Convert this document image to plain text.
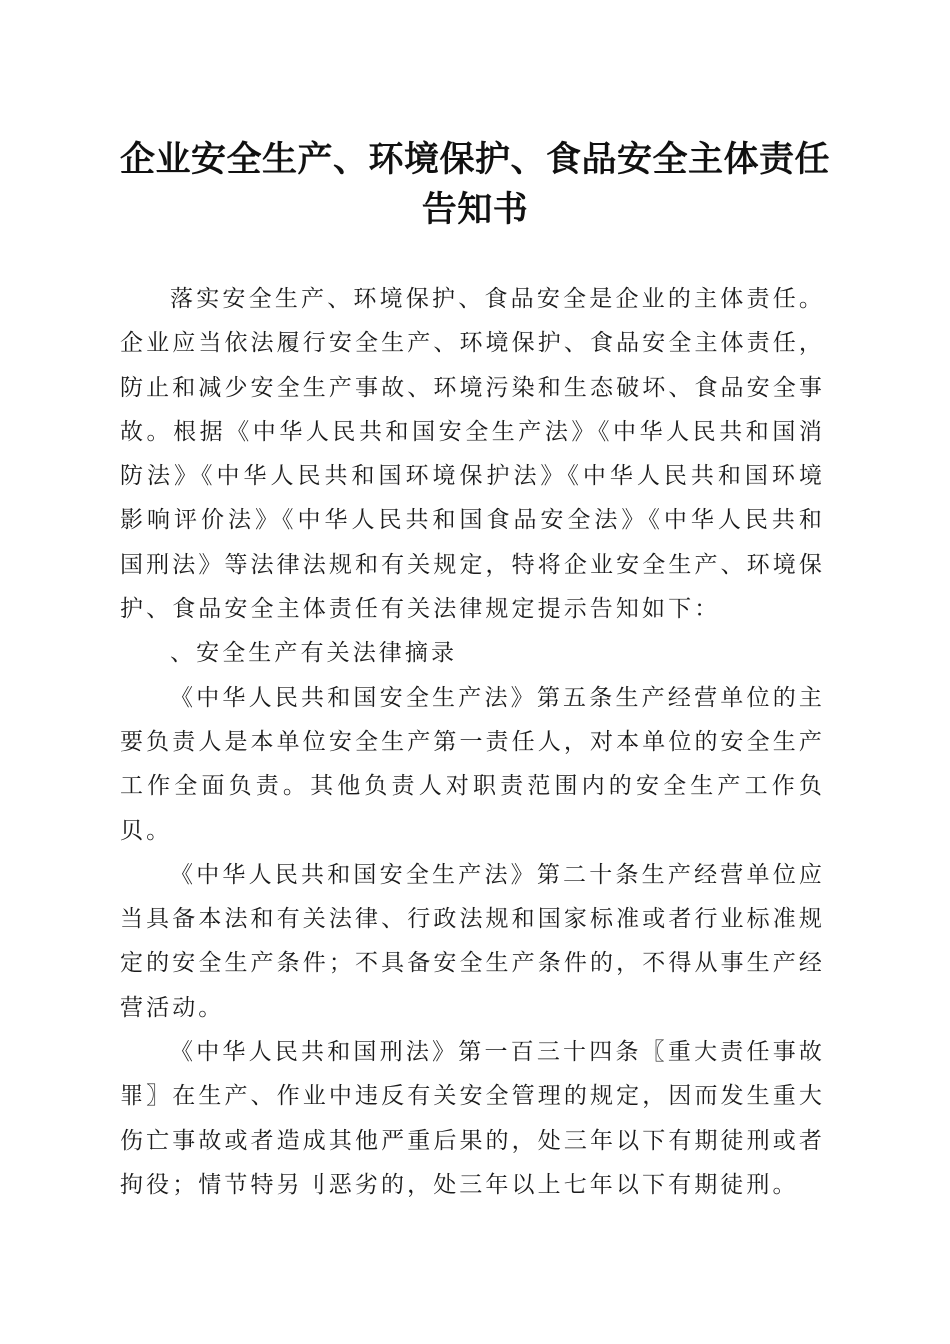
企业安全生产、环境保护、食品安全主体责任
告知书

落实安全生产、环境保护、食品安全是企业的主体责任。企业应当依法履行安全生产、环境保护、食品安全主体责任，防止和减少安全生产事故、环境污染和生态破坏、食品安全事故。根据《中华人民共和国安全生产法》《中华人民共和国消防法》《中华人民共和国环境保护法》《中华人民共和国环境影响评价法》《中华人民共和国食品安全法》《中华人民共和国刑法》等法律法规和有关规定，特将企业安全生产、环境保护、食品安全主体责任有关法律规定提示告知如下：

、安全生产有关法律摘录

《中华人民共和国安全生产法》第五条生产经营单位的主要负责人是本单位安全生产第一责任人，对本单位的安全生产工作全面负责。其他负责人对职责范围内的安全生产工作负贝。

《中华人民共和国安全生产法》第二十条生产经营单位应当具备本法和有关法律、行政法规和国家标准或者行业标准规定的安全生产条件；不具备安全生产条件的，不得从事生产经营活动。

《中华人民共和国刑法》第一百三十四条〖重大责任事故罪〗在生产、作业中违反有关安全管理的规定，因而发生重大伤亡事故或者造成其他严重后果的，处三年以下有期徒刑或者拘役；情节特另刂恶劣的，处三年以上七年以下有期徒刑。
